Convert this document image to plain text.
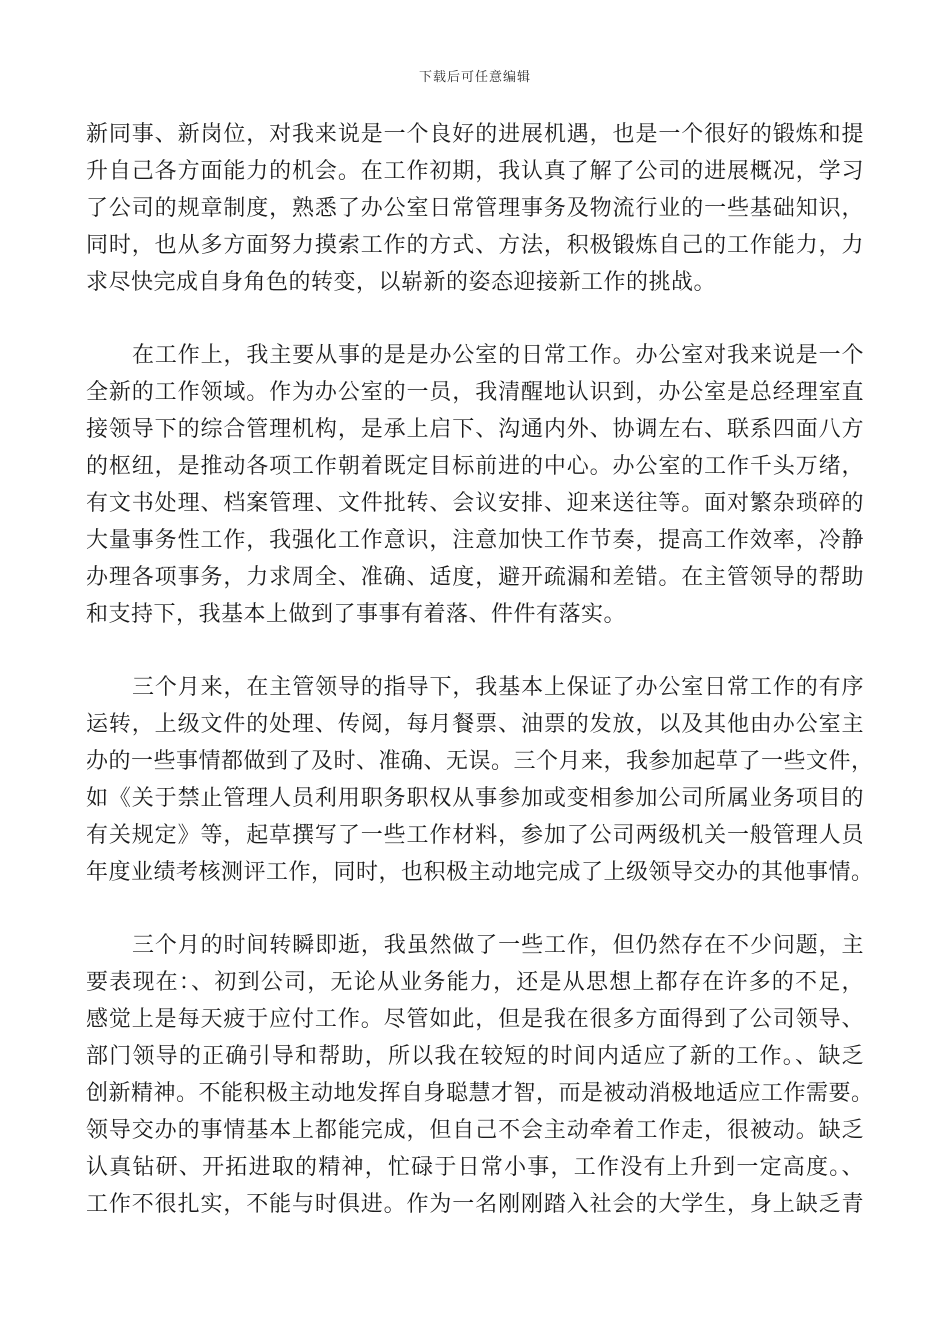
下载后可任意编辑
新同事、新岗位，对我来说是一个良好的进展机遇，也是一个很好的锻炼和提
升自己各方面能力的机会。在工作初期，我认真了解了公司的进展概况，学习
了公司的规章制度，熟悉了办公室日常管理事务及物流行业的一些基础知识，
同时，也从多方面努力摸索工作的方式、方法，积极锻炼自己的工作能力，力
求尽快完成自身角色的转变，以崭新的姿态迎接新工作的挑战。
在工作上，我主要从事的是是办公室的日常工作。办公室对我来说是一个
全新的工作领域。作为办公室的一员，我清醒地认识到，办公室是总经理室直
接领导下的综合管理机构，是承上启下、沟通内外、协调左右、联系四面八方
的枢纽，是推动各项工作朝着既定目标前进的中心。办公室的工作千头万绪，
有文书处理、档案管理、文件批转、会议安排、迎来送往等。面对繁杂琐碎的
大量事务性工作，我强化工作意识，注意加快工作节奏，提高工作效率，冷静
办理各项事务，力求周全、准确、适度，避开疏漏和差错。在主管领导的帮助
和支持下，我基本上做到了事事有着落、件件有落实。
三个月来，在主管领导的指导下，我基本上保证了办公室日常工作的有序
运转，上级文件的处理、传阅，每月餐票、油票的发放，以及其他由办公室主
办的一些事情都做到了及时、准确、无误。三个月来，我参加起草了一些文件，
如《关于禁止管理人员利用职务职权从事参加或变相参加公司所属业务项目的
有关规定》等，起草撰写了一些工作材料，参加了公司两级机关一般管理人员
年度业绩考核测评工作，同时，也积极主动地完成了上级领导交办的其他事情。
三个月的时间转瞬即逝，我虽然做了一些工作，但仍然存在不少问题，主
要表现在：、初到公司，无论从业务能力，还是从思想上都存在许多的不足，
感觉上是每天疲于应付工作。尽管如此，但是我在很多方面得到了公司领导、
部门领导的正确引导和帮助，所以我在较短的时间内适应了新的工作。、缺乏
创新精神。不能积极主动地发挥自身聪慧才智，而是被动消极地适应工作需要。
领导交办的事情基本上都能完成，但自己不会主动牵着工作走，很被动。缺乏
认真钻研、开拓进取的精神，忙碌于日常小事，工作没有上升到一定高度。、
工作不很扎实，不能与时俱进。作为一名刚刚踏入社会的大学生，身上缺乏青
